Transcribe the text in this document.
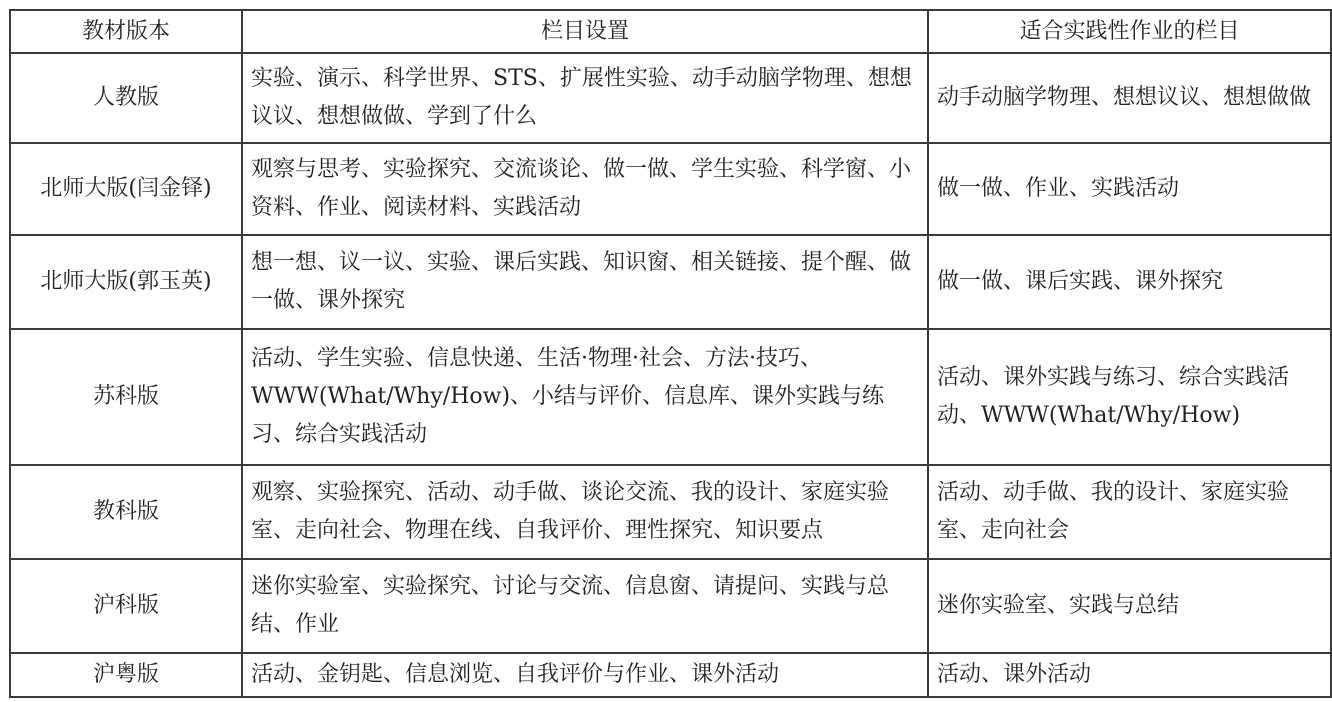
教材版本	栏目设置	适合实践性作业的栏目
人教版	实验、演示、科学世界、STS、扩展性实验、动手动脑学物理、想想议议、想想做做、学到了什么	动手动脑学物理、想想议议、想想做做
北师大版(闫金铎)	观察与思考、实验探究、交流谈论、做一做、学生实验、科学窗、小资料、作业、阅读材料、实践活动	做一做、作业、实践活动
北师大版(郭玉英)	想一想、议一议、实验、课后实践、知识窗、相关链接、提个醒、做一做、课外探究	做一做、课后实践、课外探究
苏科版	活动、学生实验、信息快递、生活·物理·社会、方法·技巧、WWW(What/Why/How)、小结与评价、信息库、课外实践与练习、综合实践活动	活动、课外实践与练习、综合实践活动、WWW(What/Why/How)
教科版	观察、实验探究、活动、动手做、谈论交流、我的设计、家庭实验室、走向社会、物理在线、自我评价、理性探究、知识要点	活动、动手做、我的设计、家庭实验室、走向社会
沪科版	迷你实验室、实验探究、讨论与交流、信息窗、请提问、实践与总结、作业	迷你实验室、实践与总结
沪粤版	活动、金钥匙、信息浏览、自我评价与作业、课外活动	活动、课外活动
